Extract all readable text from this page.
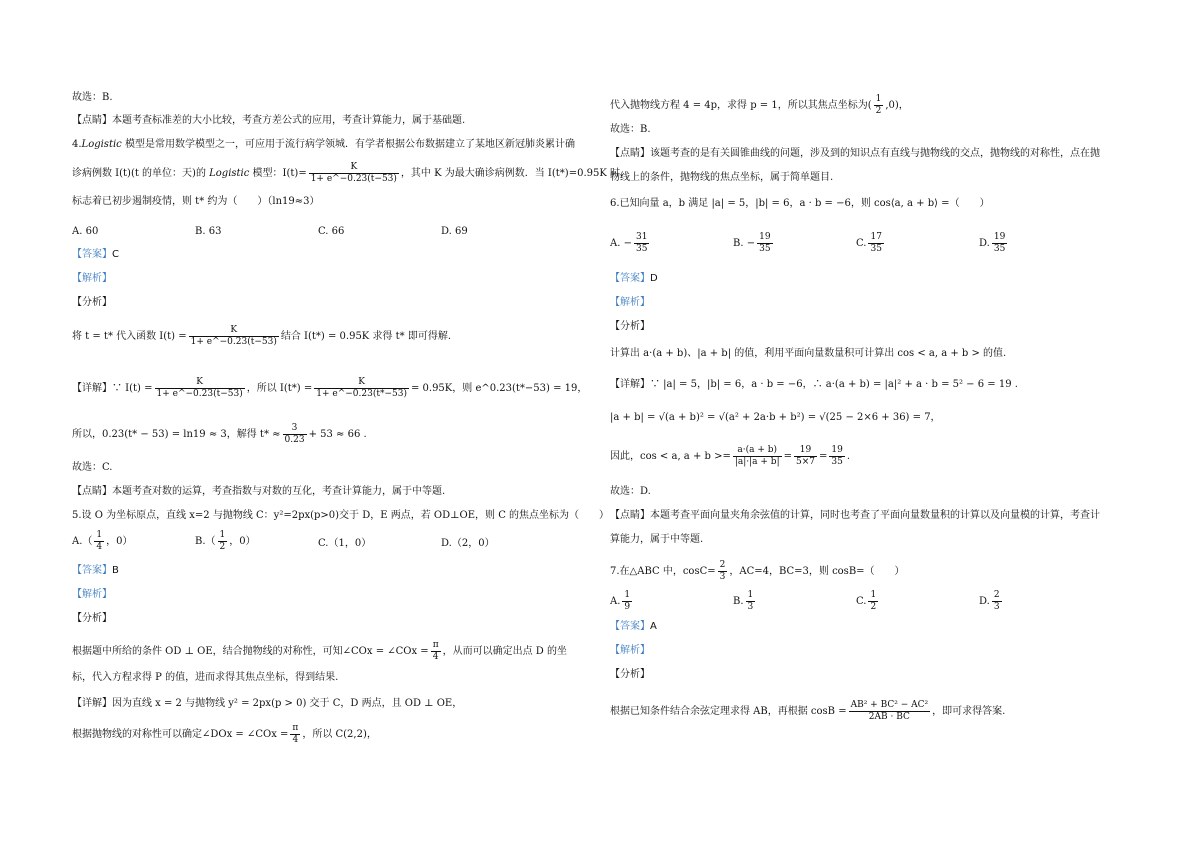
故选：B.
【点睛】本题考查标准差的大小比较，考查方差公式的应用，考查计算能力，属于基础题.
4.Logistic 模型是常用数学模型之一，可应用于流行病学领城．有学者根据公布数据建立了某地区新冠肺炎累计确
诊病例数 I(t)(t 的单位：天)的 Logistic 模型：$I(t)= \frac{K}{1+ e\^{}-0.23(t-53)}$ ，其中 K 为最大确诊病例数．当 I(t*)=0.95K 时，
标志着已初步遏制疫情，则 t* 约为（　　）（ln19≈3）
A. 60	B. 63	C. 66	D. 69
【答案】C
【解析】
【分析】
将 t = t* 代入函数 $I(t) = \frac{K}{1+ e\^{}-0.23(t-53)}$ 结合 I(t*) = 0.95K 求得 t* 即可得解.
【详解】∵ $I(t) = \frac{K}{1+ e\^{}-0.23(t-53)}$ ，所以 $I(t*) = \frac{K}{1+ e\^{}-0.23(t*-53)} = 0.95K$，则 e^0.23(t*−53) = 19，
所以，0.23(t* − 53) = ln19 ≈ 3，解得 $t* \approx \frac{3}{0.23} + 53 \approx 66$ .
故选：C.
【点睛】本题考查对数的运算，考查指数与对数的互化，考查计算能力，属于中等题.
5.设 O 为坐标原点，直线 x=2 与抛物线 C：y²=2px(p>0)交于 D，E 两点，若 OD⊥OE，则 C 的焦点坐标为（　　）
$A.( \frac{1}{4}$ ，0）	$B.( \frac{1}{2}$ ，0）	C.（1，0）	D.（2，0）
【答案】B
【解析】
【分析】
根据题中所给的条件 OD ⊥ OE，结合抛物线的对称性，可知∠COx = ∠COx = $\frac{\pi}{4}$ ，从而可以确定出点 D 的坐
标，代入方程求得 P 的值，进而求得其焦点坐标，得到结果.
【详解】因为直线 x = 2 与抛物线 y² = 2px(p > 0) 交于 C，D 两点，且 OD ⊥ OE，
根据抛物线的对称性可以确定∠DOx = ∠COx = $\frac{\pi}{4}$ ，所以 C(2,2)，
代入抛物线方程 4 = 4p，求得 p = 1，所以其焦点坐标为( $\frac{1}{2} ,0$)，
故选：B.
【点睛】该题考查的是有关圆锥曲线的问题，涉及到的知识点有直线与抛物线的交点，抛物线的对称性，点在抛
物线上的条件，抛物线的焦点坐标，属于简单题目.
6.已知向量 a，b 满足 |a| = 5，|b| = 6，a · b = −6，则 cos⟨a, a + b⟩ =（　　）
A. − $\frac{31}{35}$	B. − $\frac{19}{35}$	C. $\frac{17}{35}$	D. $\frac{19}{35}$
【答案】D
【解析】
【分析】
计算出 a·(a + b)、|a + b| 的值，利用平面向量数量积可计算出 cos < a, a + b > 的值.
【详解】∵ |a| = 5，|b| = 6，a · b = −6，∴ a·(a + b) = |a|² + a · b = 5² − 6 = 19 .
|a + b| = √(a + b)² = √(a² + 2a·b + b²) = √(25 − 2×6 + 36) = 7，
因此，cos < a, $a + b >= \frac{a\cdot(a + b)}{|a|\cdot|a + b|} = \frac{19}{5\times 7} = \frac{19}{35}$ .
故选：D.
【点睛】本题考查平面向量夹角余弦值的计算，同时也考查了平面向量数量积的计算以及向量模的计算，考查计
算能力，属于中等题.
7.在△ABC 中，$\cos C= \frac{2}{3}$ ，AC=4，BC=3，则 cosB=（　　）
A. $\frac{1}{9}$	B. $\frac{1}{3}$	C. $\frac{1}{2}$	D. $\frac{2}{3}$
【答案】A
【解析】
【分析】
根据已知条件结合余弦定理求得 AB，再根据 $\cos B = \frac{\text{AB² + BC² − AC²}}{2AB \cdot BC}$ ，即可求得答案.
